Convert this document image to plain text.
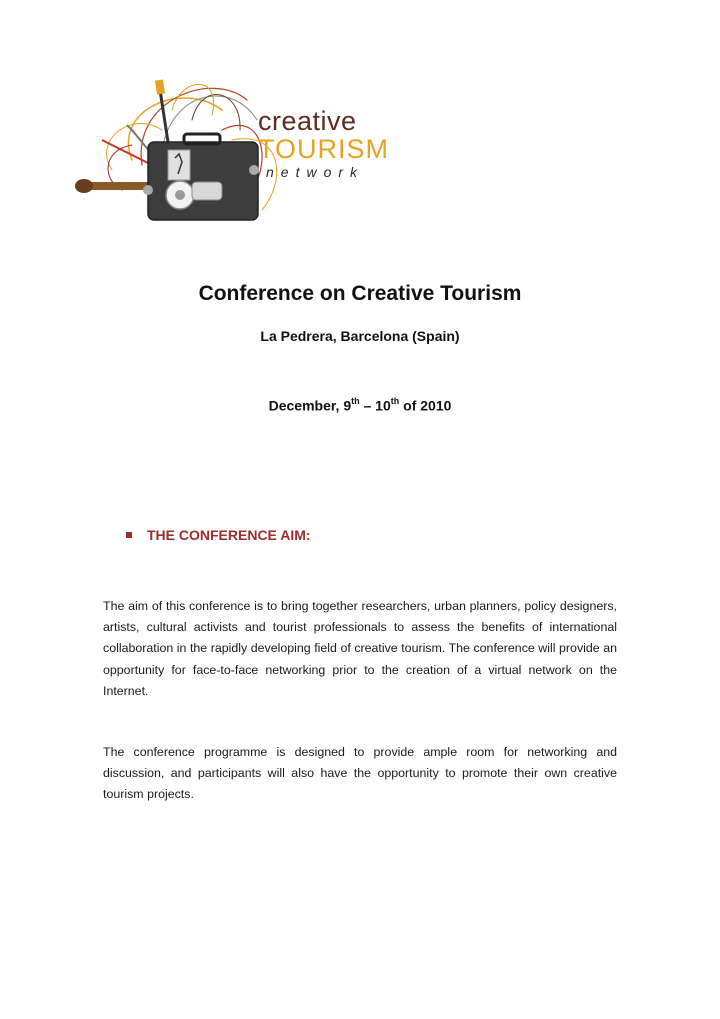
creative
TOURISM
network
Conference on Creative Tourism
La Pedrera, Barcelona (Spain)
December, 9th – 10th of 2010
THE CONFERENCE AIM:

The aim of this conference is to bring together researchers, urban planners, policy designers, artists, cultural activists and tourist professionals to assess the benefits of international collaboration in the rapidly developing field of creative tourism. The conference will provide an opportunity for face-to-face networking prior to the creation of a virtual network on the Internet.

The conference programme is designed to provide ample room for networking and discussion, and participants will also have the opportunity to promote their own creative tourism projects.
